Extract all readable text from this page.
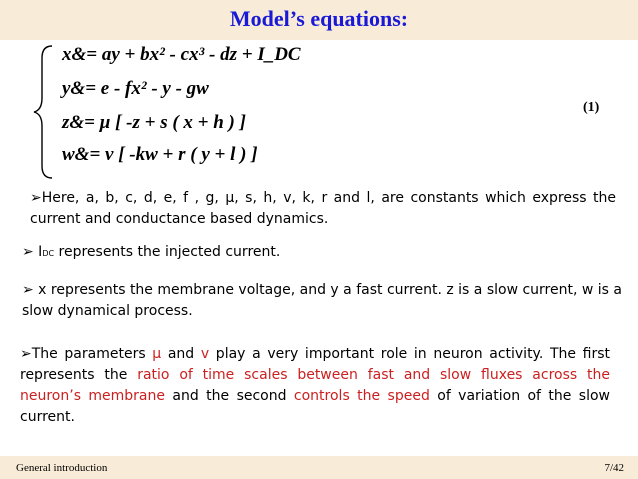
Model’s equations:
x&= ay + bx² - cx³ - dz + I_DC
y&= e - fx² - y - gw
z&= μ [ -z + s ( x + h ) ]
w&= v [ -kw + r ( y + l ) ]
(1)
➢Here, a, b, c, d, e, f , g, μ, s, h, v, k, r and l, are constants which express the current and conductance based dynamics.
➢ IDC represents the injected current.
➢ x represents the membrane voltage, and y a fast current. z is a slow current, w is a slow dynamical process.
➢The parameters μ and v play a very important role in neuron activity. The first represents the ratio of time scales between fast and slow fluxes across the neuron’s membrane and the second controls the speed of variation of the slow current.
General introduction	7/42
